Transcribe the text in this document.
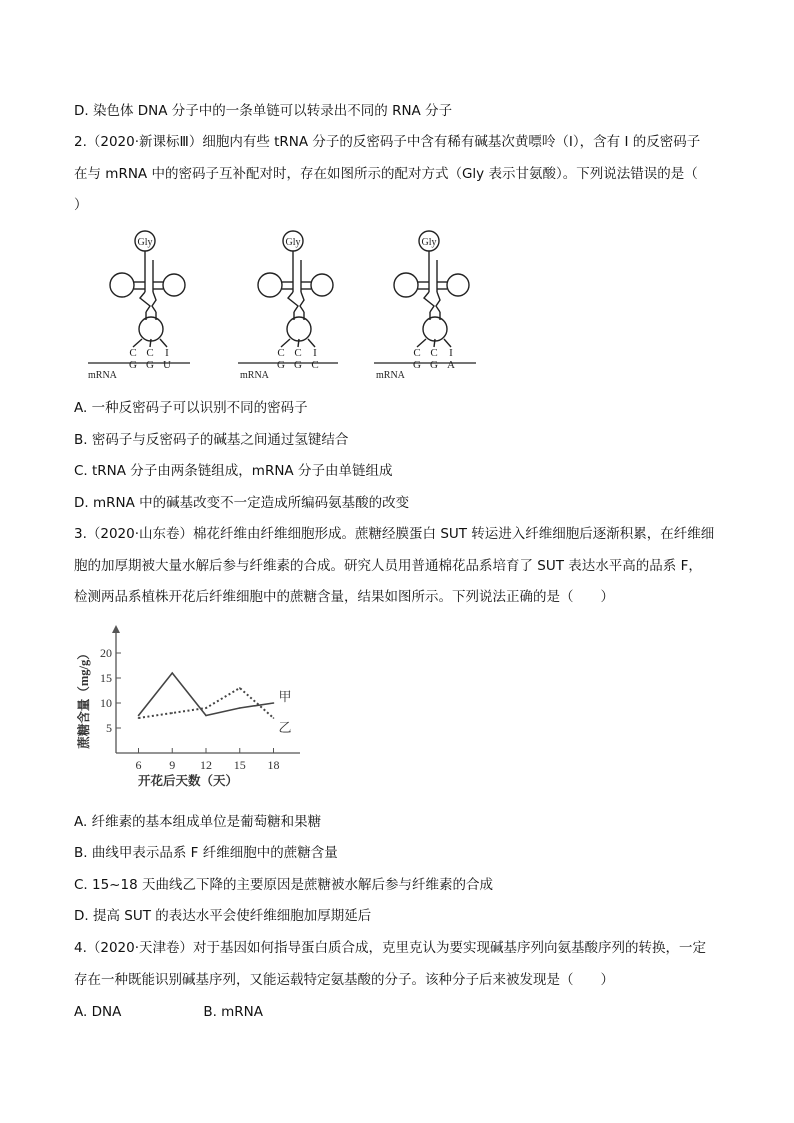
D. 染色体 DNA 分子中的一条单链可以转录出不同的 RNA 分子
2.（2020·新课标Ⅲ）细胞内有些 tRNA 分子的反密码子中含有稀有碱基次黄嘌呤（I），含有 I 的反密码子
在与 mRNA 中的密码子互补配对时，存在如图所示的配对方式（Gly 表示甘氨酸）。下列说法错误的是（
）
Gly
C C I
G G U
Gly
C C I
G G C
Gly
C C I
G G A
mRNA	mRNA	mRNA
A. 一种反密码子可以识别不同的密码子
B. 密码子与反密码子的碱基之间通过氢键结合
C. tRNA 分子由两条链组成，mRNA 分子由单链组成
D. mRNA 中的碱基改变不一定造成所编码氨基酸的改变
3.（2020·山东卷）棉花纤维由纤维细胞形成。蔗糖经膜蛋白 SUT 转运进入纤维细胞后逐渐积累，在纤维细
胞的加厚期被大量水解后参与纤维素的合成。研究人员用普通棉花品系培育了 SUT 表达水平高的品系 F，
检测两品系植株开花后纤维细胞中的蔗糖含量，结果如图所示。下列说法正确的是（　　）
6 9 12 15 18
5
10
15
20
开花后天数（天）
蔗糖含量（mg/g）	甲
乙
A. 纤维素的基本组成单位是葡萄糖和果糖
B. 曲线甲表示品系 F 纤维细胞中的蔗糖含量
C. 15~18 天曲线乙下降的主要原因是蔗糖被水解后参与纤维素的合成
D. 提高 SUT 的表达水平会使纤维细胞加厚期延后
4.（2020·天津卷）对于基因如何指导蛋白质合成，克里克认为要实现碱基序列向氨基酸序列的转换，一定
存在一种既能识别碱基序列，又能运载特定氨基酸的分子。该种分子后来被发现是（　　）
A. DNA	B. mRNA
